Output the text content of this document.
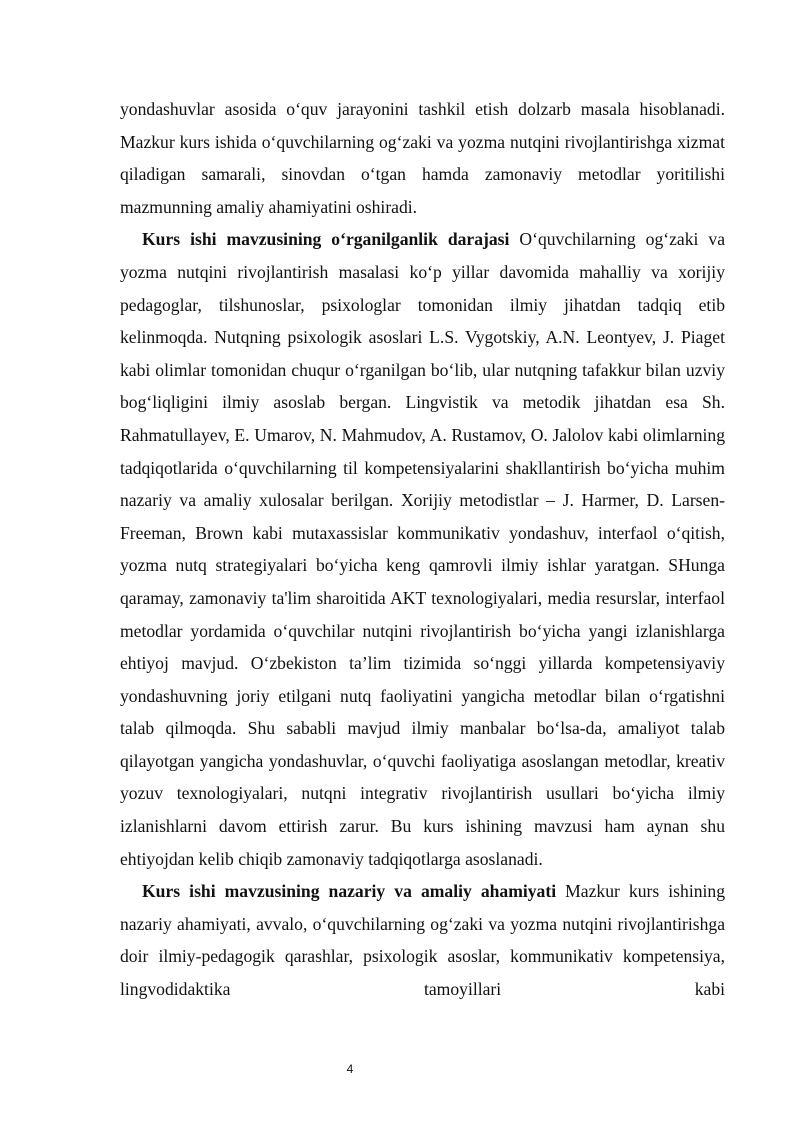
yondashuvlar asosida o‘quv jarayonini tashkil etish dolzarb masala hisoblanadi. Mazkur kurs ishida o‘quvchilarning og‘zaki va yozma nutqini rivojlantirishga xizmat qiladigan samarali, sinovdan o‘tgan hamda zamonaviy metodlar yoritilishi mazmunning amaliy ahamiyatini oshiradi.

Kurs ishi mavzusining o‘rganilganlik darajasi O‘quvchilarning og‘zaki va yozma nutqini rivojlantirish masalasi ko‘p yillar davomida mahalliy va xorijiy pedagoglar, tilshunoslar, psixologlar tomonidan ilmiy jihatdan tadqiq etib kelinmoqda. Nutqning psixologik asoslari L.S. Vygotskiy, A.N. Leontyev, J. Piaget kabi olimlar tomonidan chuqur o‘rganilgan bo‘lib, ular nutqning tafakkur bilan uzviy bog‘liqligini ilmiy asoslab bergan. Lingvistik va metodik jihatdan esa Sh. Rahmatullayev, E. Umarov, N. Mahmudov, A. Rustamov, O. Jalolov kabi olimlarning tadqiqotlarida o‘quvchilarning til kompetensiyalarini shakllantirish bo‘yicha muhim nazariy va amaliy xulosalar berilgan. Xorijiy metodistlar – J. Harmer, D. Larsen-Freeman, Brown kabi mutaxassislar kommunikativ yondashuv, interfaol o‘qitish, yozma nutq strategiyalari bo‘yicha keng qamrovli ilmiy ishlar yaratgan. SHunga qaramay, zamonaviy ta'lim sharoitida AKT texnologiyalari, media resurslar, interfaol metodlar yordamida o‘quvchilar nutqini rivojlantirish bo‘yicha yangi izlanishlarga ehtiyoj mavjud. O‘zbekiston ta’lim tizimida so‘nggi yillarda kompetensiyaviy yondashuvning joriy etilgani nutq faoliyatini yangicha metodlar bilan o‘rgatishni talab qilmoqda. Shu sababli mavjud ilmiy manbalar bo‘lsa-da, amaliyot talab qilayotgan yangicha yondashuvlar, o‘quvchi faoliyatiga asoslangan metodlar, kreativ yozuv texnologiyalari, nutqni integrativ rivojlantirish usullari bo‘yicha ilmiy izlanishlarni davom ettirish zarur. Bu kurs ishining mavzusi ham aynan shu ehtiyojdan kelib chiqib zamonaviy tadqiqotlarga asoslanadi.

Kurs ishi mavzusining nazariy va amaliy ahamiyati Mazkur kurs ishining nazariy ahamiyati, avvalo, o‘quvchilarning og‘zaki va yozma nutqini rivojlantirishga doir ilmiy-pedagogik qarashlar, psixologik asoslar, kommunikativ kompetensiya, lingvodidaktika tamoyillari kabi

4
